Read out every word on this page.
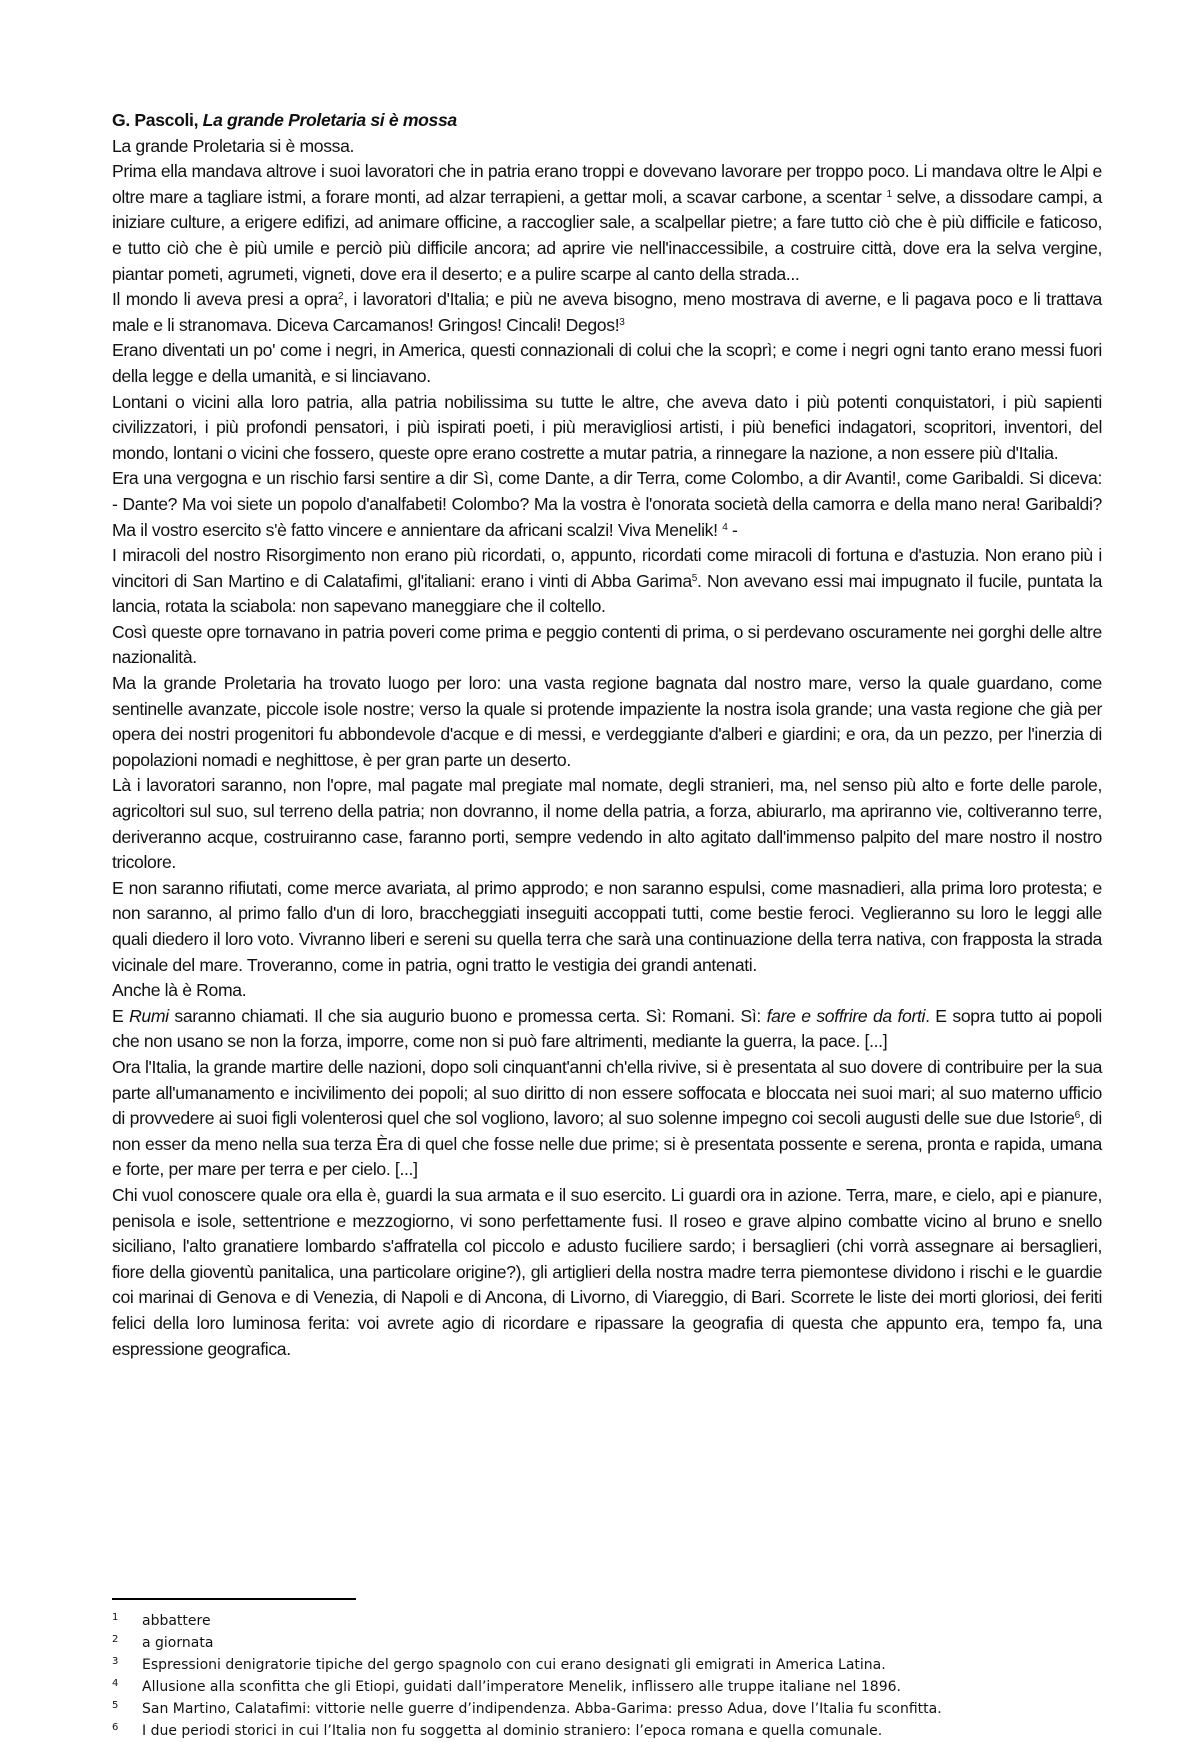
G. Pascoli, La grande Proletaria si è mossa

La grande Proletaria si è mossa.

Prima ella mandava altrove i suoi lavoratori che in patria erano troppi e dovevano lavorare per troppo poco. Li mandava oltre le Alpi e oltre mare a tagliare istmi, a forare monti, ad alzar terrapieni, a gettar moli, a scavar carbone, a scentar $^1$ selve, a dissodare campi, a iniziare culture, a erigere edifizi, ad animare officine, a raccoglier sale, a scalpellar pietre; a fare tutto ciò che è più difficile e faticoso, e tutto ciò che è più umile e perciò più difficile ancora; ad aprire vie nell'inaccessibile, a costruire città, dove era la selva vergine, piantar pometi, agrumeti, vigneti, dove era il deserto; e a pulire scarpe al canto della strada...

Il mondo li aveva presi a opra$^2$, i lavoratori d'Italia; e più ne aveva bisogno, meno mostrava di averne, e li pagava poco e li trattava male e li stranomava. Diceva Carcamanos! Gringos! Cincali! Degos!$^3$

Erano diventati un po' come i negri, in America, questi connazionali di colui che la scoprì; e come i negri ogni tanto erano messi fuori della legge e della umanità, e si linciavano.

Lontani o vicini alla loro patria, alla patria nobilissima su tutte le altre, che aveva dato i più potenti conquistatori, i più sapienti civilizzatori, i più profondi pensatori, i più ispirati poeti, i più meravigliosi artisti, i più benefici indagatori, scopritori, inventori, del mondo, lontani o vicini che fossero, queste opre erano costrette a mutar patria, a rinnegare la nazione, a non essere più d'Italia.

Era una vergogna e un rischio farsi sentire a dir Sì, come Dante, a dir Terra, come Colombo, a dir Avanti!, come Garibaldi. Si diceva: - Dante? Ma voi siete un popolo d'analfabeti! Colombo? Ma la vostra è l'onorata società della camorra e della mano nera! Garibaldi? Ma il vostro esercito s'è fatto vincere e annientare da africani scalzi! Viva Menelik! $^4$ -

I miracoli del nostro Risorgimento non erano più ricordati, o, appunto, ricordati come miracoli di fortuna e d'astuzia. Non erano più i vincitori di San Martino e di Calatafimi, gl'italiani: erano i vinti di Abba Garima$^5$. Non avevano essi mai impugnato il fucile, puntata la lancia, rotata la sciabola: non sapevano maneggiare che il coltello.

Così queste opre tornavano in patria poveri come prima e peggio contenti di prima, o si perdevano oscuramente nei gorghi delle altre nazionalità.

Ma la grande Proletaria ha trovato luogo per loro: una vasta regione bagnata dal nostro mare, verso la quale guardano, come sentinelle avanzate, piccole isole nostre; verso la quale si protende impaziente la nostra isola grande; una vasta regione che già per opera dei nostri progenitori fu abbondevole d'acque e di messi, e verdeggiante d'alberi e giardini; e ora, da un pezzo, per l'inerzia di popolazioni nomadi e neghittose, è per gran parte un deserto.

Là i lavoratori saranno, non l'opre, mal pagate mal pregiate mal nomate, degli stranieri, ma, nel senso più alto e forte delle parole, agricoltori sul suo, sul terreno della patria; non dovranno, il nome della patria, a forza, abiurarlo, ma apriranno vie, coltiveranno terre, deriveranno acque, costruiranno case, faranno porti, sempre vedendo in alto agitato dall'immenso palpito del mare nostro il nostro tricolore.

E non saranno rifiutati, come merce avariata, al primo approdo; e non saranno espulsi, come masnadieri, alla prima loro protesta; e non saranno, al primo fallo d'un di loro, braccheggiati inseguiti accoppati tutti, come bestie feroci. Veglieranno su loro le leggi alle quali diedero il loro voto. Vivranno liberi e sereni su quella terra che sarà una continuazione della terra nativa, con frapposta la strada vicinale del mare. Troveranno, come in patria, ogni tratto le vestigia dei grandi antenati.

Anche là è Roma.

E Rumi saranno chiamati. Il che sia augurio buono e promessa certa. Sì: Romani. Sì: fare e soffrire da forti. E sopra tutto ai popoli che non usano se non la forza, imporre, come non si può fare altrimenti, mediante la guerra, la pace. [...]

Ora l'Italia, la grande martire delle nazioni, dopo soli cinquant'anni ch'ella rivive, si è presentata al suo dovere di contribuire per la sua parte all'umanamento e incivilimento dei popoli; al suo diritto di non essere soffocata e bloccata nei suoi mari; al suo materno ufficio di provvedere ai suoi figli volenterosi quel che sol vogliono, lavoro; al suo solenne impegno coi secoli augusti delle sue due Istorie$^6$, di non esser da meno nella sua terza Èra di quel che fosse nelle due prime; si è presentata possente e serena, pronta e rapida, umana e forte, per mare per terra e per cielo. [...]

Chi vuol conoscere quale ora ella è, guardi la sua armata e il suo esercito. Li guardi ora in azione. Terra, mare, e cielo, api e pianure, penisola e isole, settentrione e mezzogiorno, vi sono perfettamente fusi. Il roseo e grave alpino combatte vicino al bruno e snello siciliano, l'alto granatiere lombardo s'affratella col piccolo e adusto fuciliere sardo; i bersaglieri (chi vorrà assegnare ai bersaglieri, fiore della gioventù panitalica, una particolare origine?), gli artiglieri della nostra madre terra piemontese dividono i rischi e le guardie coi marinai di Genova e di Venezia, di Napoli e di Ancona, di Livorno, di Viareggio, di Bari. Scorrete le liste dei morti gloriosi, dei feriti felici della loro luminosa ferita: voi avrete agio di ricordare e ripassare la geografia di questa che appunto era, tempo fa, una espressione geografica.

1	abbattere
2	a giornata
3	Espressioni denigratorie tipiche del gergo spagnolo con cui erano designati gli emigrati in America Latina.
4	Allusione alla sconfitta che gli Etiopi, guidati dall’imperatore Menelik, inflissero alle truppe italiane nel 1896.
5	San Martino, Calatafimi: vittorie nelle guerre d’indipendenza. Abba-Garima: presso Adua, dove l’Italia fu sconfitta.
6	I due periodi storici in cui l’Italia non fu soggetta al dominio straniero: l’epoca romana e quella comunale.
